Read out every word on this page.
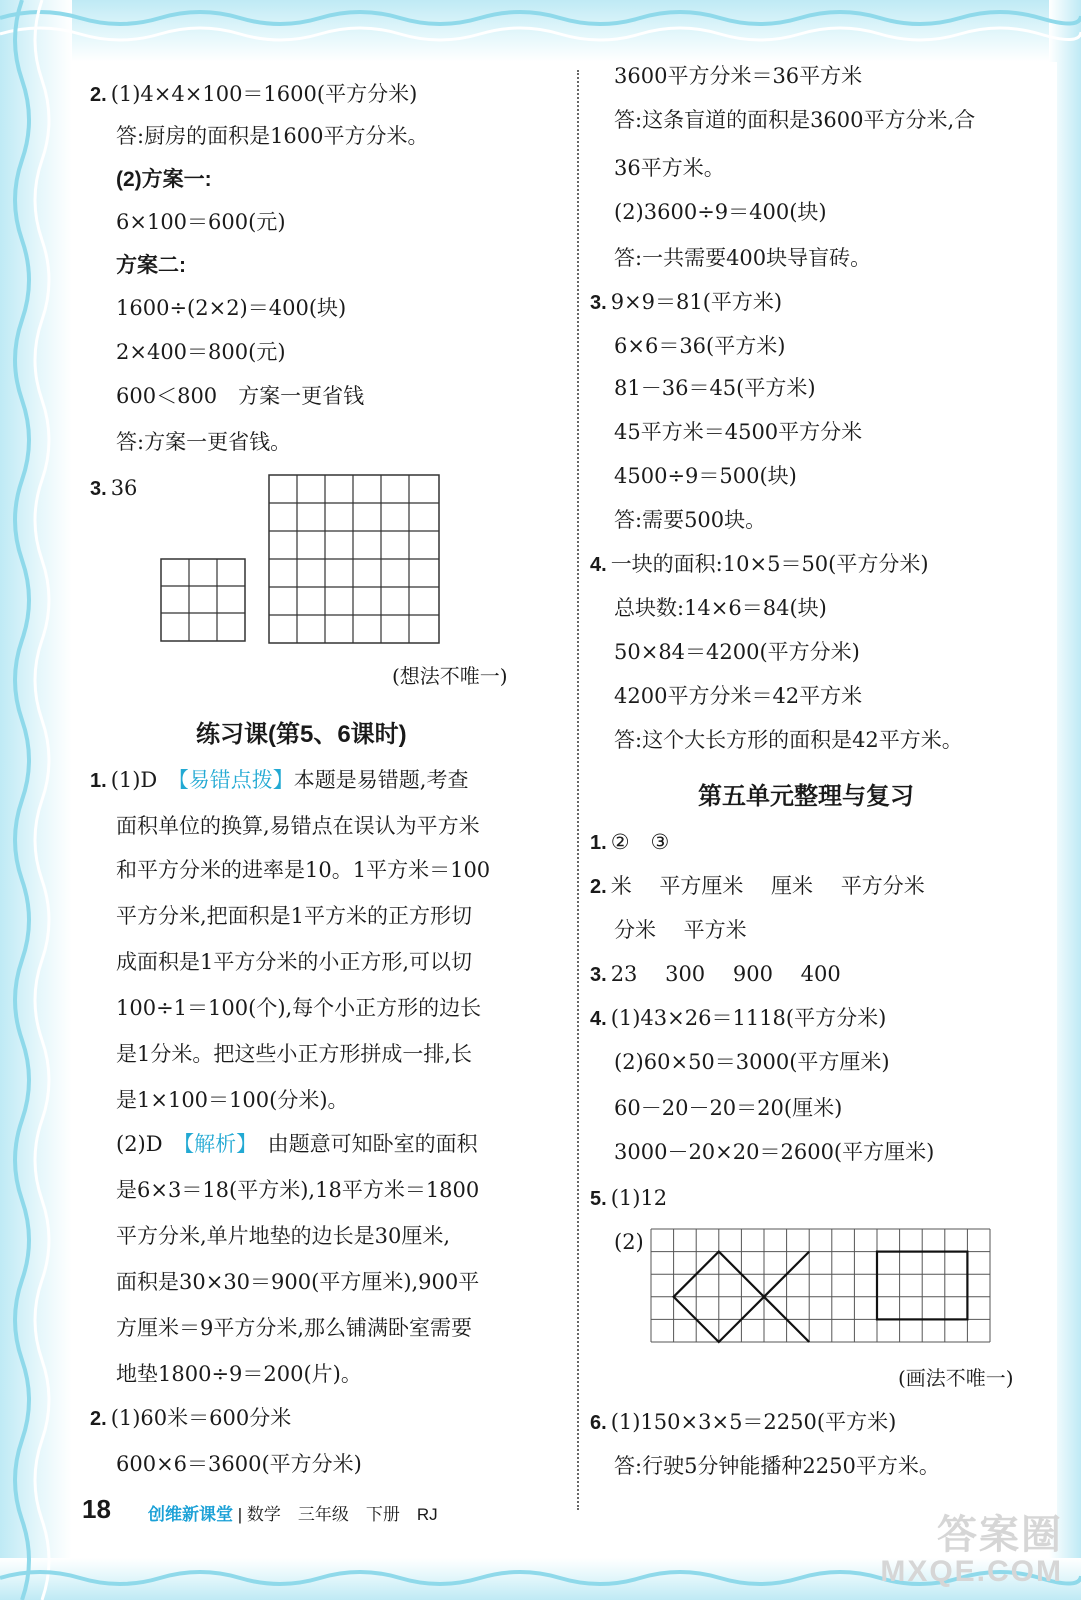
2. (1)4×4×100＝1600(平方分米)
答:厨房的面积是1600平方分米。
(2)方案一:
6×100＝600(元)
方案二:
1600÷(2×2)＝400(块)
2×400＝800(元)
600＜800　方案一更省钱
答:方案一更省钱。
3. 36
(想法不唯一)
练习课(第5、6课时)
1. (1)D　 【易错点拨】本题是易错题,考查
面积单位的换算,易错点在误认为平方米
和平方分米的进率是10。1平方米＝100
平方分米,把面积是1平方米的正方形切
成面积是1平方分米的小正方形,可以切
100÷1＝100(个),每个小正方形的边长
是1分米。把这些小正方形拼成一排,长
是1×100＝100(分米)。
(2)D　 【解析】　 由题意可知卧室的面积
是6×3＝18(平方米),18平方米＝1800
平方分米,单片地垫的边长是30厘米,
面积是30×30＝900(平方厘米),900平
方厘米＝9平方分米,那么铺满卧室需要
地垫1800÷9＝200(片)。
2. (1)60米＝600分米
600×6＝3600(平方分米)
3600平方分米＝36平方米
答:这条盲道的面积是3600平方分米,合
36平方米。
(2)3600÷9＝400(块)
答:一共需要400块导盲砖。
3. 9×9＝81(平方米)
6×6＝36(平方米)
81－36＝45(平方米)
45平方米＝4500平方分米
4500÷9＝500(块)
答:需要500块。
4. 一块的面积:10×5＝50(平方分米)
总块数:14×6＝84(块)
50×84＝4200(平方分米)
4200平方分米＝42平方米
答:这个大长方形的面积是42平方米。
第五单元整理与复习
1. ②　③
2. 米　 平方厘米　 厘米　 平方分米
分米　 平方米
3. 23　 300　 900　 400
4. (1)43×26＝1118(平方分米)
(2)60×50＝3000(平方厘米)
60－20－20＝20(厘米)
3000－20×20＝2600(平方厘米)
5. (1)12
(2)
(画法不唯一)
6. (1)150×3×5＝2250(平方米)
答:行驶5分钟能播种2250平方米。
18 创维新课堂 | 数学　三年级　下册　RJ	答案圈
MXQE.COM
